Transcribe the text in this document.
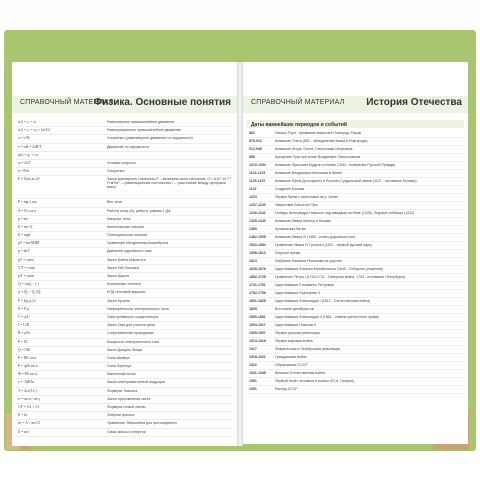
СПРАВОЧНЫЙ МАТЕРИАЛ
Физика. Основные понятия
s(t) = s₀ + vt	Равномерное прямолинейное движение
s(t) = s₀ + v₀t + (at²)/2	Равноускоренное прямолинейное движение
a = v²/R	Ускорение (равномерное движение по окружности)
v = ωR = 2πR/T	Движение по окружности
φ(t) = φ₀ + ωt
ω = 2π/T	Угловая скорость
a = F/m	Ускорение
F = G(m₁m₂)/r²	Закон всемирного тяготения (F – величина силы тяготения, G = 6,67·10⁻¹¹ Н·м²/кг² – гравитационная постоянная, r – расстояние между центрами масс)
P = mg ± ma	Вес тела
A = Fs cos α	Работа силы (А), работа, равная 1 Дж
p = mv	Импульс тела
E = mv²/2	Кинетическая энергия
E = mgh	Потенциальная энергия
pV = (m/M)RT	Уравнение Менделеева-Клапейрона
p = nkT	Давление идеального газа
pV = const	Закон Бойля-Мариотта
V/T = const	Закон Гей-Люссака
p/T = const	Закон Шарля
Q = cm(t₂ - t₁)	Количество теплоты
η = (Q₁ - Q₂)/Q₁	КПД тепловой машины
F = k|q₁q₂|/r²	Закон Кулона
E = F/q	Напряжённость электрического поля
C = q/U	Электроёмкость конденсатора
I = U/R	Закон Ома для участка цепи
R = ρl/S	Сопротивление проводника
P = UI	Мощность электрического тока
Q = I²Rt	Закон Джоуля-Ленца
F = BIl sin α	Сила Ампера
F = qvB sin α	Сила Лоренца
Φ = BS cos α	Магнитный поток
ε = -ΔΦ/Δt	Закон электромагнитной индукции
T = 2π√(LC)	Формула Томсона
n = sin α / sin γ	Закон преломления света
1/F = 1/d + 1/f	Формула тонкой линзы
E = hν	Энергия фотона
hν = A + mv²/2	Уравнение Эйнштейна для фотоэффекта
E = mc²	Связь массы и энергии
СПРАВОЧНЫЙ МАТЕРИАЛ История Отечества
Даты важнейших периодов и событий
862	Начало Руси - призвание варягов в Новгород. Рюрик
879-912	Княжение Олега (882 - объединение Киева и Новгорода)
912-945	Княжение Игоря, Ольги, Святослава Игоревича
988	Крещение Руси при князе Владимире Святославиче
1019-1054	Княжение Ярослава Мудрого в Киеве (1054 - появление Русской Правды)
1113-1125	Княжение Владимира Мономаха в Киеве
1125-1157	Княжение Юрия Долгорукого в Ростово-Суздальской земле (1147 - основание Москвы)
1147	Создание Москвы
1223	Первая битва с монголами на р. Калке
1237-1240	Нашествие Батыя на Русь
1240-1242	Победы Александра Невского над шведами на Неве (1240), Ледовое побоище (1242)
1325-1340	Княжение Ивана Калиты в Москве
1380	Куликовская битва
1462-1505	Княжение Ивана III (1480 - конец ордынского ига)
1533-1584	Правление Ивана IV Грозного (1547 - первый русский царь)
1598-1613	Смутное время
1613	Избрание Михаила Романова на царство
1645-1676	Царствование Алексея Михайловича (1649 - Соборное уложение)
1682-1725	Правление Петра I (1700-1721 - Северная война, 1703 - основание Петербурга)
1741-1761	Царствование Елизаветы Петровны
1762-1796	Царствование Екатерины II
1801-1825	Царствование Александра I (1812 - Отечественная война)
1825	Восстание декабристов
1855-1881	Царствование Александра II (1861 - отмена крепостного права)
1894-1917	Царствование Николая II
1905-1907	Первая русская революция
1914-1918	Первая мировая война
1917	Февральская и Октябрьская революции
1918-1922	Гражданская война
1922	Образование СССР
1941-1945	Великая Отечественная война
1961	Первый полёт человека в космос (Ю.А. Гагарин)
1991	Распад СССР
